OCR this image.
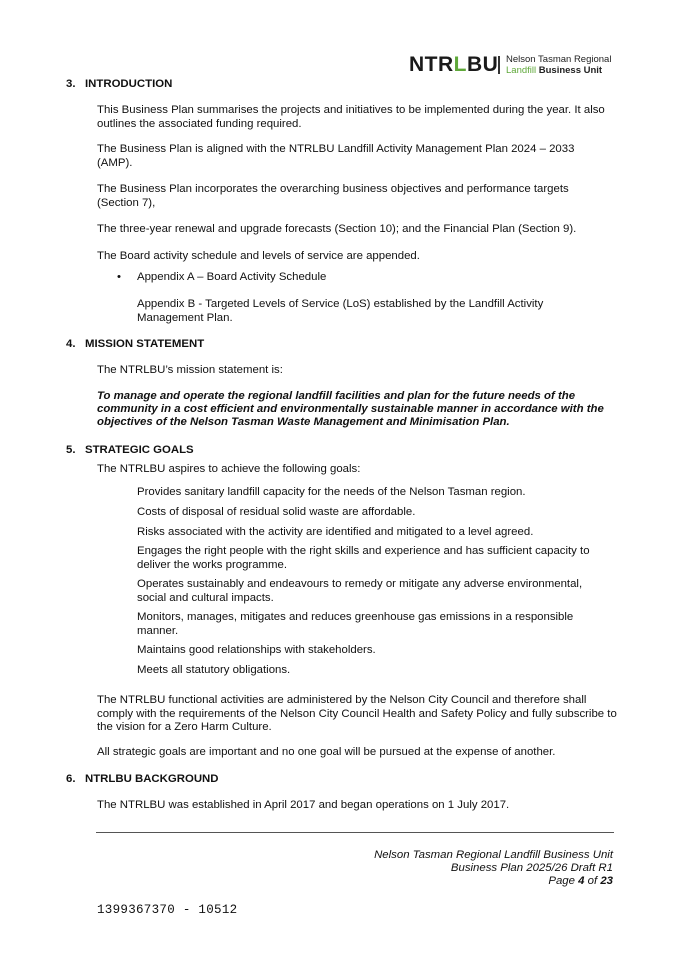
NTRLBU Nelson Tasman Regional
Landfill Business Unit
3. INTRODUCTION
This Business Plan summarises the projects and initiatives to be implemented during the year. It also outlines the associated funding required.
The Business Plan is aligned with the NTRLBU Landfill Activity Management Plan 2024 – 2033 (AMP).
The Business Plan incorporates the overarching business objectives and performance targets (Section 7),
The three-year renewal and upgrade forecasts (Section 10); and the Financial Plan (Section 9).
The Board activity schedule and levels of service are appended.
• Appendix A – Board Activity Schedule
Appendix B - Targeted Levels of Service (LoS) established by the Landfill Activity Management Plan.
4. MISSION STATEMENT
The NTRLBU’s mission statement is:
To manage and operate the regional landfill facilities and plan for the future needs of the community in a cost efficient and environmentally sustainable manner in accordance with the objectives of the Nelson Tasman Waste Management and Minimisation Plan.
5. STRATEGIC GOALS
The NTRLBU aspires to achieve the following goals:
Provides sanitary landfill capacity for the needs of the Nelson Tasman region.
Costs of disposal of residual solid waste are affordable.
Risks associated with the activity are identified and mitigated to a level agreed.
Engages the right people with the right skills and experience and has sufficient capacity to deliver the works programme.
Operates sustainably and endeavours to remedy or mitigate any adverse environmental, social and cultural impacts.
Monitors, manages, mitigates and reduces greenhouse gas emissions in a responsible manner.
Maintains good relationships with stakeholders.
Meets all statutory obligations.
The NTRLBU functional activities are administered by the Nelson City Council and therefore shall comply with the requirements of the Nelson City Council Health and Safety Policy and fully subscribe to the vision for a Zero Harm Culture.
All strategic goals are important and no one goal will be pursued at the expense of another.
6. NTRLBU BACKGROUND
The NTRLBU was established in April 2017 and began operations on 1 July 2017.
Nelson Tasman Regional Landfill Business Unit
Business Plan 2025/26 Draft R1
Page 4 of 23
1399367370 - 10512
